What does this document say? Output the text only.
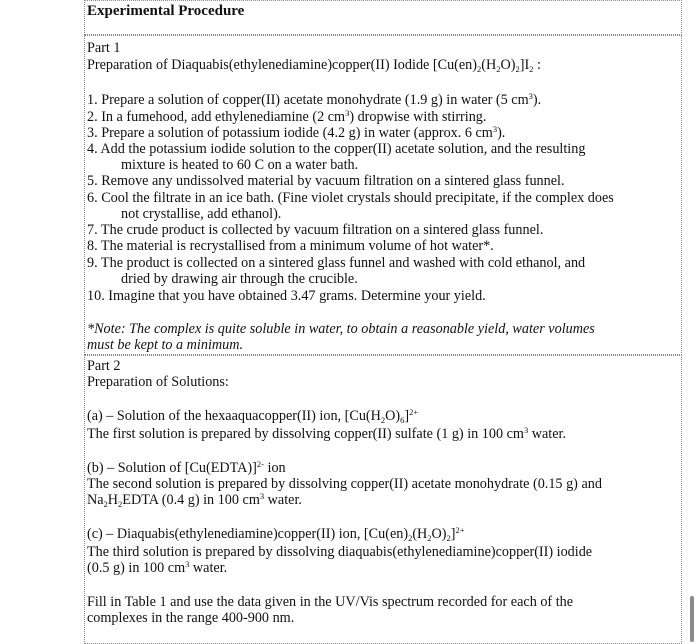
Experimental Procedure
Part 1
Preparation of Diaquabis(ethylenediamine)copper(II) Iodide $[Cu(en)_2(H_2O)_2]I_2$ :
1. Prepare a solution of copper(II) acetate monohydrate (1.9 g) in water (5 $cm^3$).
2. In a fumehood, add ethylenediamine (2 $cm^3$) dropwise with stirring.
3. Prepare a solution of potassium iodide (4.2 g) in water (approx. 6 $cm^3$).
4. Add the potassium iodide solution to the copper(II) acetate solution, and the resulting
mixture is heated to 60 C on a water bath.
5. Remove any undissolved material by vacuum filtration on a sintered glass funnel.
6. Cool the filtrate in an ice bath. (Fine violet crystals should precipitate, if the complex does
not crystallise, add ethanol).
7. The crude product is collected by vacuum filtration on a sintered glass funnel.
8. The material is recrystallised from a minimum volume of hot water*.
9. The product is collected on a sintered glass funnel and washed with cold ethanol, and
dried by drawing air through the crucible.
10. Imagine that you have obtained 3.47 grams. Determine your yield.
*Note: The complex is quite soluble in water, to obtain a reasonable yield, water volumes
must be kept to a minimum.
Part 2
Preparation of Solutions:
(a) – Solution of the hexaaquacopper(II) ion, $[Cu(H_2O)_6]^{2+}$
The first solution is prepared by dissolving copper(II) sulfate (1 g) in 100 $cm^3$ water.
(b) – Solution of [Cu(EDTA)]$^{2-}$ ion
The second solution is prepared by dissolving copper(II) acetate monohydrate (0.15 g) and
$Na_2H_2EDTA$ (0.4 g) in 100 $cm^3$ water.
(c) – Diaquabis(ethylenediamine)copper(II) ion, $[Cu(en)_2(H_2O)_2]^{2+}$
The third solution is prepared by dissolving diaquabis(ethylenediamine)copper(II) iodide
(0.5 g) in 100 $cm^3$ water.
Fill in Table 1 and use the data given in the UV/Vis spectrum recorded for each of the
complexes in the range 400-900 nm.
